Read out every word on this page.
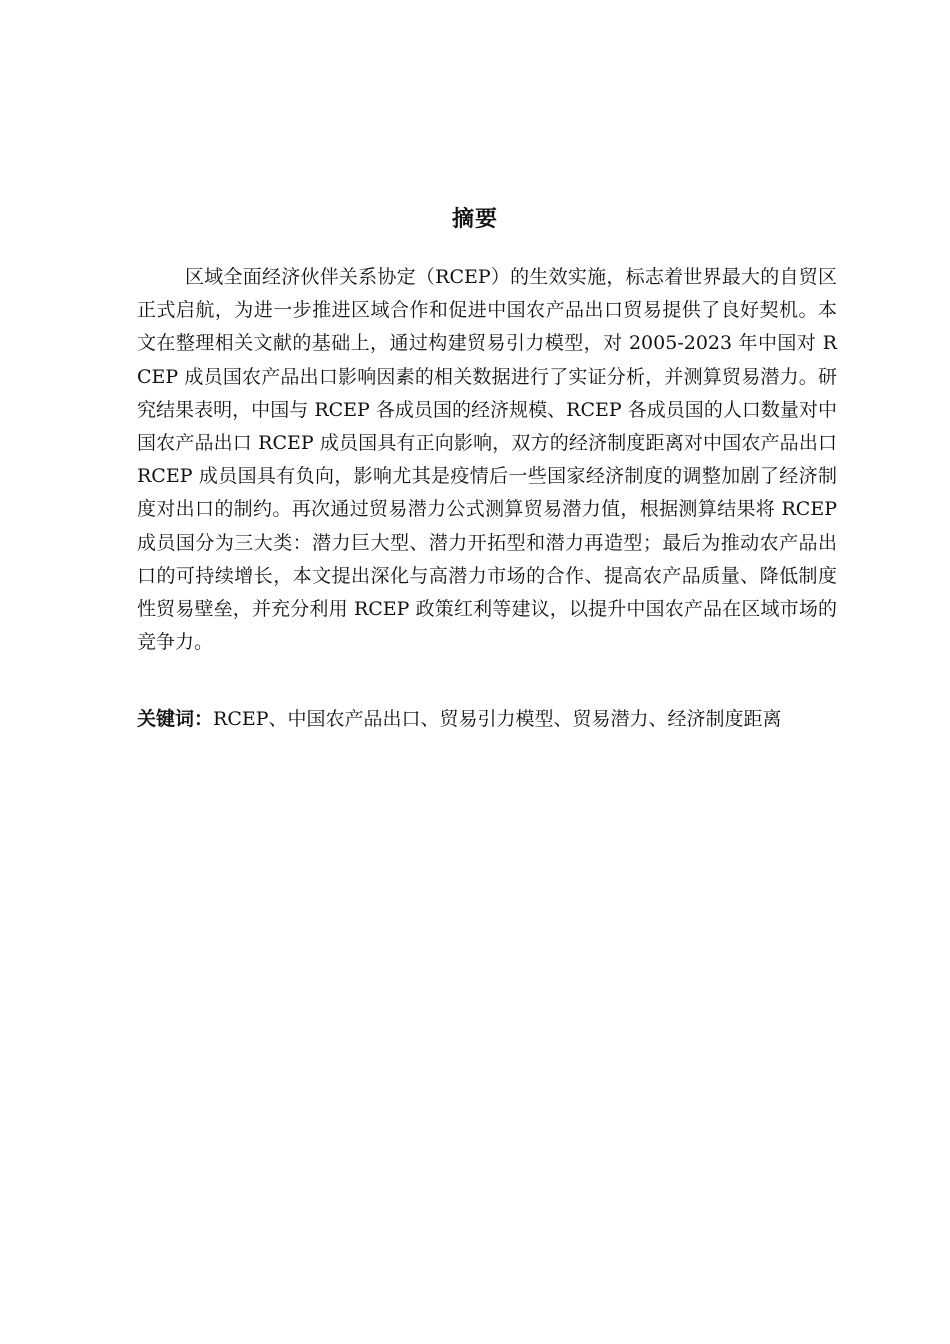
摘要

区域全面经济伙伴关系协定（RCEP）的生效实施，标志着世界最大的自贸区正式启航，为进一步推进区域合作和促进中国农产品出口贸易提供了良好契机。本文在整理相关文献的基础上，通过构建贸易引力模型，对 2005-2023 年中国对 RCEP 成员国农产品出口影响因素的相关数据进行了实证分析，并测算贸易潜力。研究结果表明，中国与 RCEP 各成员国的经济规模、RCEP 各成员国的人口数量对中国农产品出口 RCEP 成员国具有正向影响，双方的经济制度距离对中国农产品出口 RCEP 成员国具有负向，影响尤其是疫情后一些国家经济制度的调整加剧了经济制度对出口的制约。再次通过贸易潜力公式测算贸易潜力值，根据测算结果将 RCEP 成员国分为三大类：潜力巨大型、潜力开拓型和潜力再造型；最后为推动农产品出口的可持续增长，本文提出深化与高潜力市场的合作、提高农产品质量、降低制度性贸易壁垒，并充分利用 RCEP 政策红利等建议，以提升中国农产品在区域市场的竞争力。

关键词：RCEP、中国农产品出口、贸易引力模型、贸易潜力、经济制度距离
